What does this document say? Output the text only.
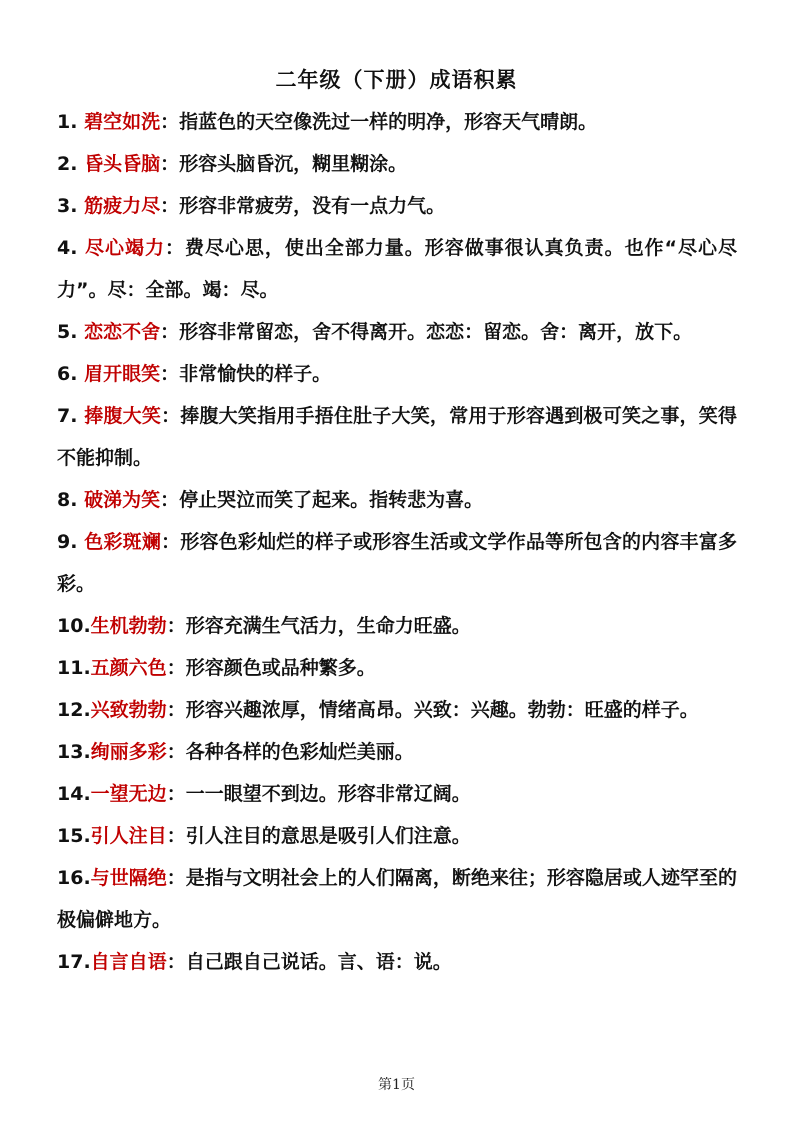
二年级（下册）成语积累

1. 碧空如洗：指蓝色的天空像洗过一样的明净，形容天气晴朗。

2. 昏头昏脑：形容头脑昏沉，糊里糊涂。

3. 筋疲力尽：形容非常疲劳，没有一点力气。

4. 尽心竭力：费尽心思，使出全部力量。形容做事很认真负责。也作“尽心尽力”。尽：全部。竭：尽。

5. 恋恋不舍：形容非常留恋，舍不得离开。恋恋：留恋。舍：离开，放下。

6. 眉开眼笑：非常愉快的样子。

7. 捧腹大笑：捧腹大笑指用手捂住肚子大笑，常用于形容遇到极可笑之事，笑得不能抑制。

8. 破涕为笑：停止哭泣而笑了起来。指转悲为喜。

9. 色彩斑斓：形容色彩灿烂的样子或形容生活或文学作品等所包含的内容丰富多彩。

10.生机勃勃：形容充满生气活力，生命力旺盛。

11.五颜六色：形容颜色或品种繁多。

12.兴致勃勃：形容兴趣浓厚，情绪高昂。兴致：兴趣。勃勃：旺盛的样子。

13.绚丽多彩：各种各样的色彩灿烂美丽。

14.一望无边：一一眼望不到边。形容非常辽阔。

15.引人注目：引人注目的意思是吸引人们注意。

16.与世隔绝：是指与文明社会上的人们隔离，断绝来往；形容隐居或人迹罕至的极偏僻地方。

17.自言自语：自己跟自己说话。言、语：说。

第1页
